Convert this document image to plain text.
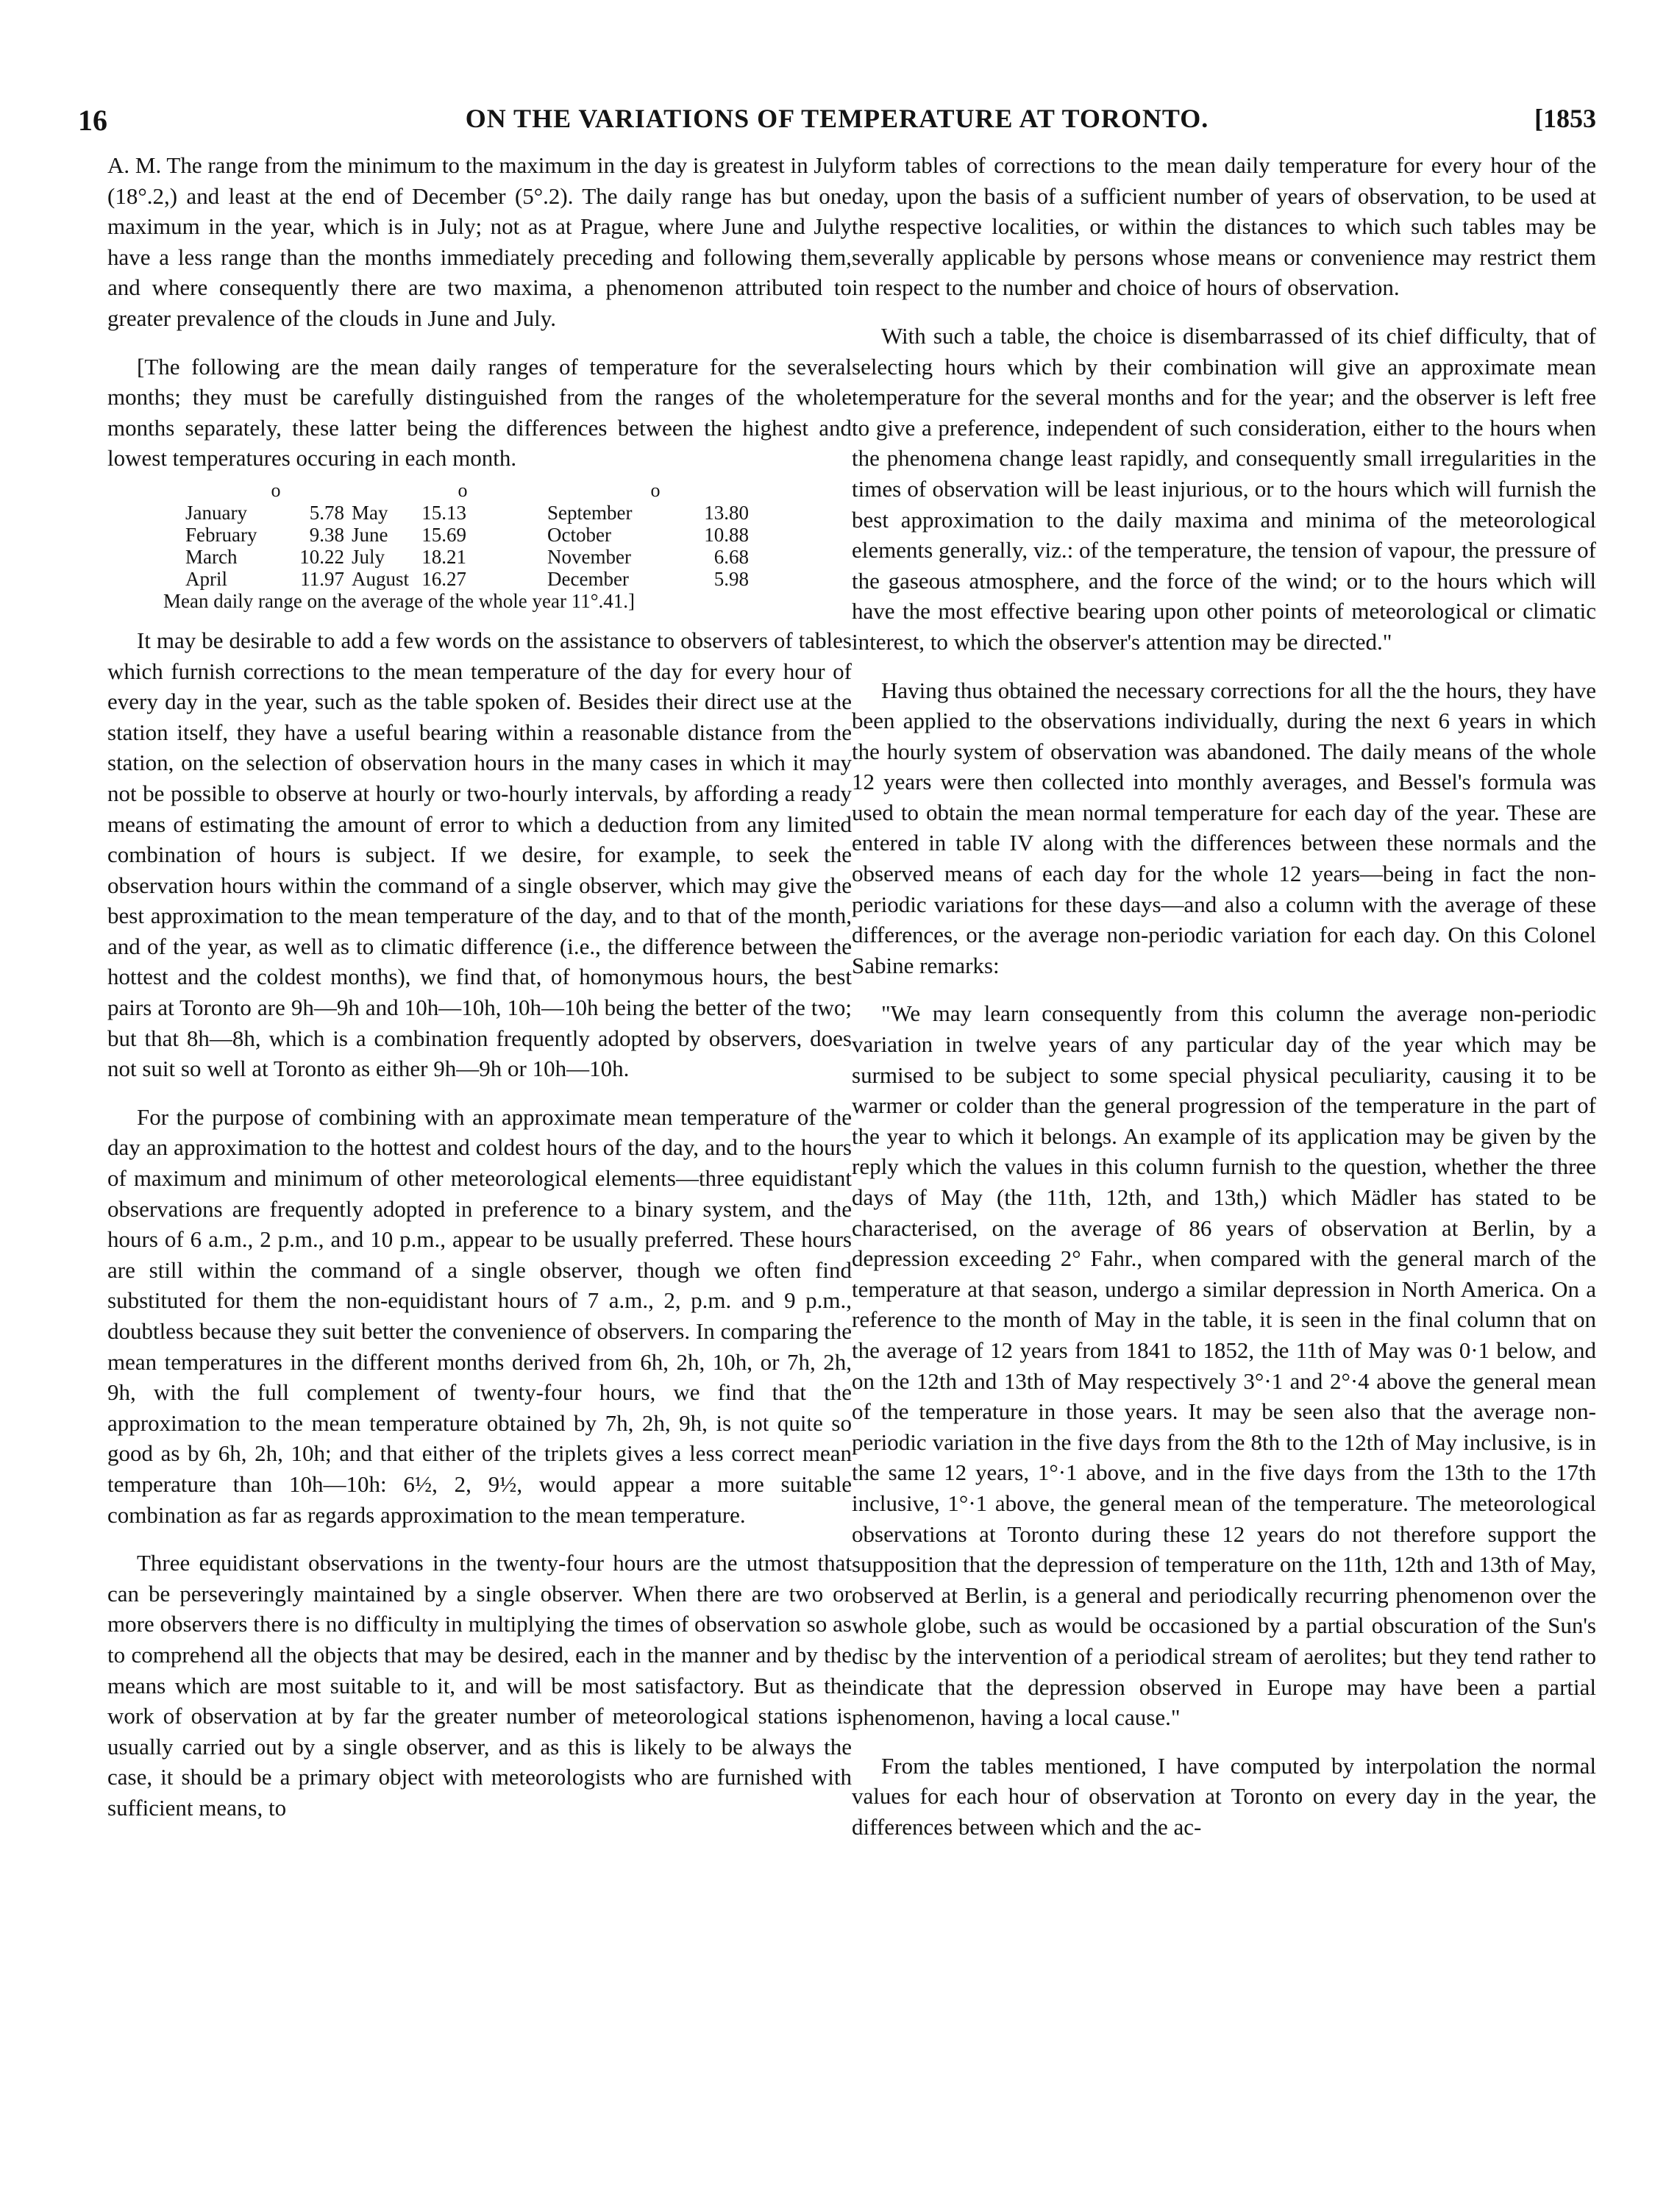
16	ON THE VARIATIONS OF TEMPERATURE AT TORONTO.	[1853

A. M. The range from the minimum to the maximum in the day is greatest in July (18°.2,) and least at the end of December (5°.2). The daily range has but one maximum in the year, which is in July; not as at Prague, where June and July have a less range than the months immediately preceding and following them, and where consequently there are two maxima, a phenomenon attributed to greater prevalence of the clouds in June and July.

[The following are the mean daily ranges of temperature for the several months; they must be carefully distinguished from the ranges of the whole months separately, these latter being the differences between the highest and lowest temperatures occuring in each month.

o	o	o
January	5.78 May	15.13	September	13.80
February	9.38 June	15.69	October	10.88
March	10.22 July	18.21	November	6.68
April	11.97 August 16.27	December	5.98
Mean daily range on the average of the whole year 11°.41.]

It may be desirable to add a few words on the assistance to observers of tables which furnish corrections to the mean temperature of the day for every hour of every day in the year, such as the table spoken of. Besides their direct use at the station itself, they have a useful bearing within a reasonable distance from the station, on the selection of observation hours in the many cases in which it may not be possible to observe at hourly or two-hourly intervals, by affording a ready means of estimating the amount of error to which a deduction from any limited combination of hours is subject. If we desire, for example, to seek the observation hours within the command of a single observer, which may give the best approximation to the mean temperature of the day, and to that of the month, and of the year, as well as to climatic difference (i.e., the difference between the hottest and the coldest months), we find that, of homonymous hours, the best pairs at Toronto are 9h—9h and 10h—10h, 10h—10h being the better of the two; but that 8h—8h, which is a combination frequently adopted by observers, does not suit so well at Toronto as either 9h—9h or 10h—10h.

For the purpose of combining with an approximate mean temperature of the day an approximation to the hottest and coldest hours of the day, and to the hours of maximum and minimum of other meteorological elements—three equidistant observations are frequently adopted in preference to a binary system, and the hours of 6 a.m., 2 p.m., and 10 p.m., appear to be usually preferred. These hours are still within the command of a single observer, though we often find substituted for them the non-equidistant hours of 7 a.m., 2, p.m. and 9 p.m., doubtless because they suit better the convenience of observers. In comparing the mean temperatures in the different months derived from 6h, 2h, 10h, or 7h, 2h, 9h, with the full complement of twenty-four hours, we find that the approximation to the mean temperature obtained by 7h, 2h, 9h, is not quite so good as by 6h, 2h, 10h; and that either of the triplets gives a less correct mean temperature than 10h—10h: 6½, 2, 9½, would appear a more suitable combination as far as regards approximation to the mean temperature.

Three equidistant observations in the twenty-four hours are the utmost that can be perseveringly maintained by a single observer. When there are two or more observers there is no difficulty in multiplying the times of observation so as to comprehend all the objects that may be desired, each in the manner and by the means which are most suitable to it, and will be most satisfactory. But as the work of observation at by far the greater number of meteorological stations is usually carried out by a single observer, and as this is likely to be always the case, it should be a primary object with meteorologists who are furnished with sufficient means, to

form tables of corrections to the mean daily temperature for every hour of the day, upon the basis of a sufficient number of years of observation, to be used at the respective localities, or within the distances to which such tables may be severally applicable by persons whose means or convenience may restrict them in respect to the number and choice of hours of observation.

With such a table, the choice is disembarrassed of its chief difficulty, that of selecting hours which by their combination will give an approximate mean temperature for the several months and for the year; and the observer is left free to give a preference, independent of such consideration, either to the hours when the phenomena change least rapidly, and consequently small irregularities in the times of observation will be least injurious, or to the hours which will furnish the best approximation to the daily maxima and minima of the meteorological elements generally, viz.: of the temperature, the tension of vapour, the pressure of the gaseous atmosphere, and the force of the wind; or to the hours which will have the most effective bearing upon other points of meteorological or climatic interest, to which the observer's attention may be directed."

Having thus obtained the necessary corrections for all the the hours, they have been applied to the observations individually, during the next 6 years in which the hourly system of observation was abandoned. The daily means of the whole 12 years were then collected into monthly averages, and Bessel's formula was used to obtain the mean normal temperature for each day of the year. These are entered in table IV along with the differences between these normals and the observed means of each day for the whole 12 years—being in fact the non-periodic variations for these days—and also a column with the average of these differences, or the average non-periodic variation for each day. On this Colonel Sabine remarks:

"We may learn consequently from this column the average non-periodic variation in twelve years of any particular day of the year which may be surmised to be subject to some special physical peculiarity, causing it to be warmer or colder than the general progression of the temperature in the part of the year to which it belongs. An example of its application may be given by the reply which the values in this column furnish to the question, whether the three days of May (the 11th, 12th, and 13th,) which Mädler has stated to be characterised, on the average of 86 years of observation at Berlin, by a depression exceeding 2° Fahr., when compared with the general march of the temperature at that season, undergo a similar depression in North America. On a reference to the month of May in the table, it is seen in the final column that on the average of 12 years from 1841 to 1852, the 11th of May was 0·1 below, and on the 12th and 13th of May respectively 3°·1 and 2°·4 above the general mean of the temperature in those years. It may be seen also that the average non-periodic variation in the five days from the 8th to the 12th of May inclusive, is in the same 12 years, 1°·1 above, and in the five days from the 13th to the 17th inclusive, 1°·1 above, the general mean of the temperature. The meteorological observations at Toronto during these 12 years do not therefore support the supposition that the depression of temperature on the 11th, 12th and 13th of May, observed at Berlin, is a general and periodically recurring phenomenon over the whole globe, such as would be occasioned by a partial obscuration of the Sun's disc by the intervention of a periodical stream of aerolites; but they tend rather to indicate that the depression observed in Europe may have been a partial phenomenon, having a local cause."

From the tables mentioned, I have computed by interpolation the normal values for each hour of observation at Toronto on every day in the year, the differences between which and the ac-
